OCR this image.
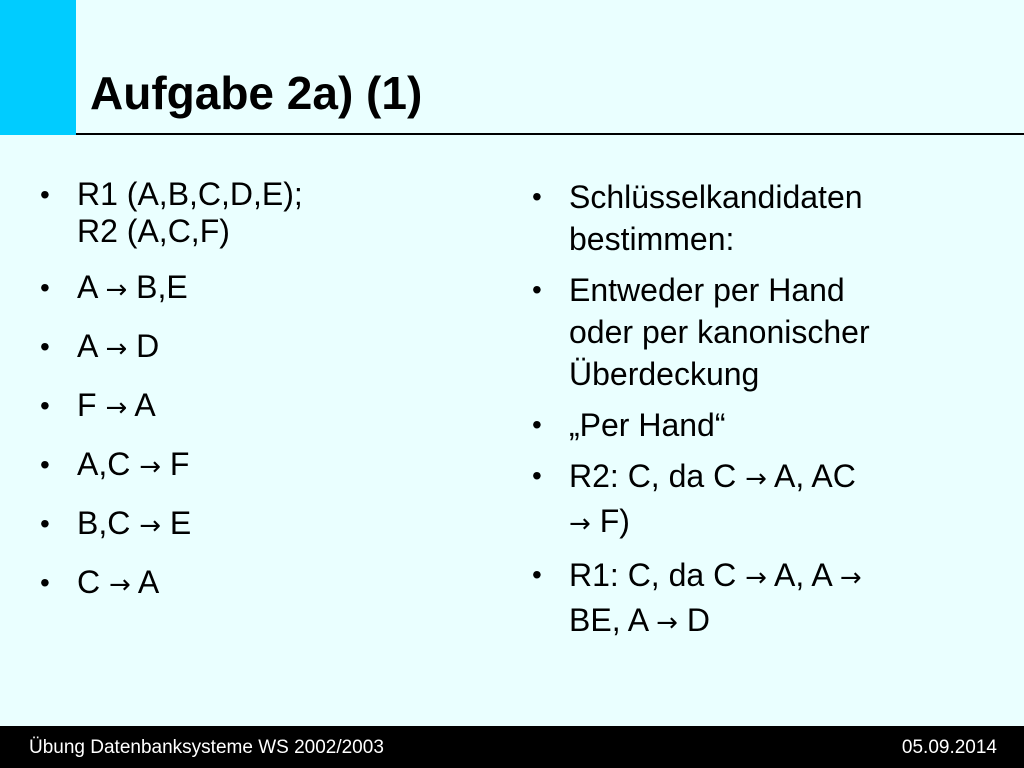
Aufgabe 2a) (1)
• R1 (A,B,C,D,E);
R2 (A,C,F)
• A → B,E
• A → D
• F → A
• A,C → F
• B,C → E
• C → A
• Schlüsselkandidaten
bestimmen:
• Entweder per Hand
oder per kanonischer
Überdeckung
• „Per Hand“
• R2: C, da C → A, AC
→ F)
• R1: C, da C → A, A →
BE, A → D
Übung Datenbanksysteme WS 2002/2003	05.09.2014
